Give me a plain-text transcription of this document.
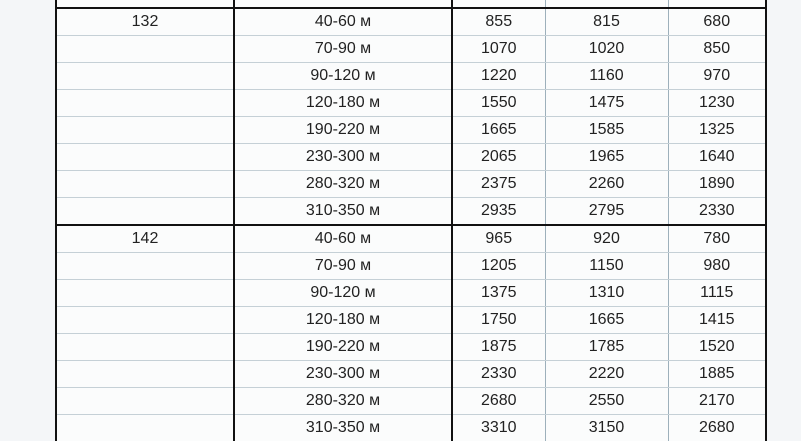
132	40-60 м	855	815	680
	70-90 м	1070	1020	850
	90-120 м	1220	1160	970
	120-180 м	1550	1475	1230
	190-220 м	1665	1585	1325
	230-300 м	2065	1965	1640
	280-320 м	2375	2260	1890
	310-350 м	2935	2795	2330
142	40-60 м	965	920	780
	70-90 м	1205	1150	980
	90-120 м	1375	1310	1115
	120-180 м	1750	1665	1415
	190-220 м	1875	1785	1520
	230-300 м	2330	2220	1885
	280-320 м	2680	2550	2170
	310-350 м	3310	3150	2680
